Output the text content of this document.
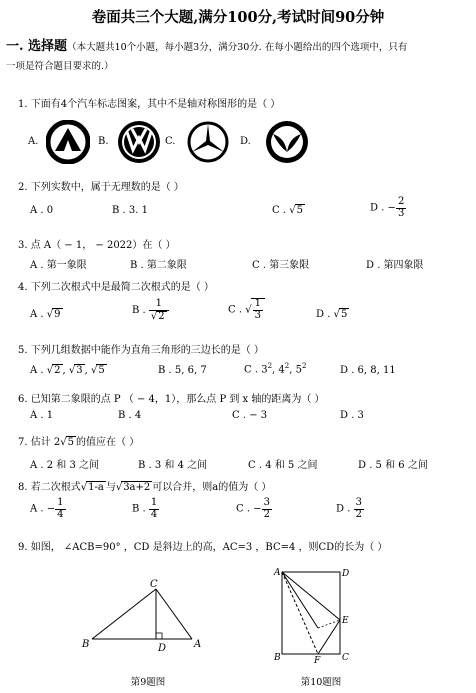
卷面共三个大题,满分100分,考试时间90分钟
一. 选择题（本大题共10个小题，每小题3分，满分30分. 在每小题给出的四个选项中，只有
一项是符合题目要求的.）
1. 下面有4个汽车标志图案，其中不是轴对称图形的是（ ）
A.	B.	C.	D.
2. 下列实数中，属于无理数的是（ ）
A . 0	B . 3. 1	C . √5	D . − $\frac{2}{3}$
3. 点 A（ − 1， − 2022）在（ ）
A . 第一象限	B . 第二象限	C . 第三象限	D . 第四象限
4. 下列二次根式中是最简二次根式的是（ ）
A . √9	B . $\frac{1}{√2}$	C . √ $\frac{1}{3}$	D . √5
5. 下列几组数据中能作为直角三角形的三边长的是（ ）
A . √2 , √3 , √5	B . 5, 6, 7	C . $3^2$, $4^2$, $5^2$	D . 6, 8, 11
6. 已知第二象限的点 P （ − 4，1），那么点 P 到 x 轴的距离为（ ）
A . 1	B . 4	C . − 3	D . 3
7. 估计 2√5 的值应在（ ）
A . 2 和 3 之间	B . 3 和 4 之间	C . 4 和 5 之间	D . 5 和 6 之间
8. 若二次根式√1-a 与√3a+2 可以合并，则a的值为（ ）
A . − $\frac{1}{4}$	B . $\frac{1}{4}$	C . − $\frac{3}{2}$	D . $\frac{3}{2}$
9. 如图， ∠ACB=90° ，CD 是斜边上的高，AC=3 ，BC=4 ，则CD的长为（ ）
C
B	D	A
第9题图
A	D
E
B	F C
第10题图
